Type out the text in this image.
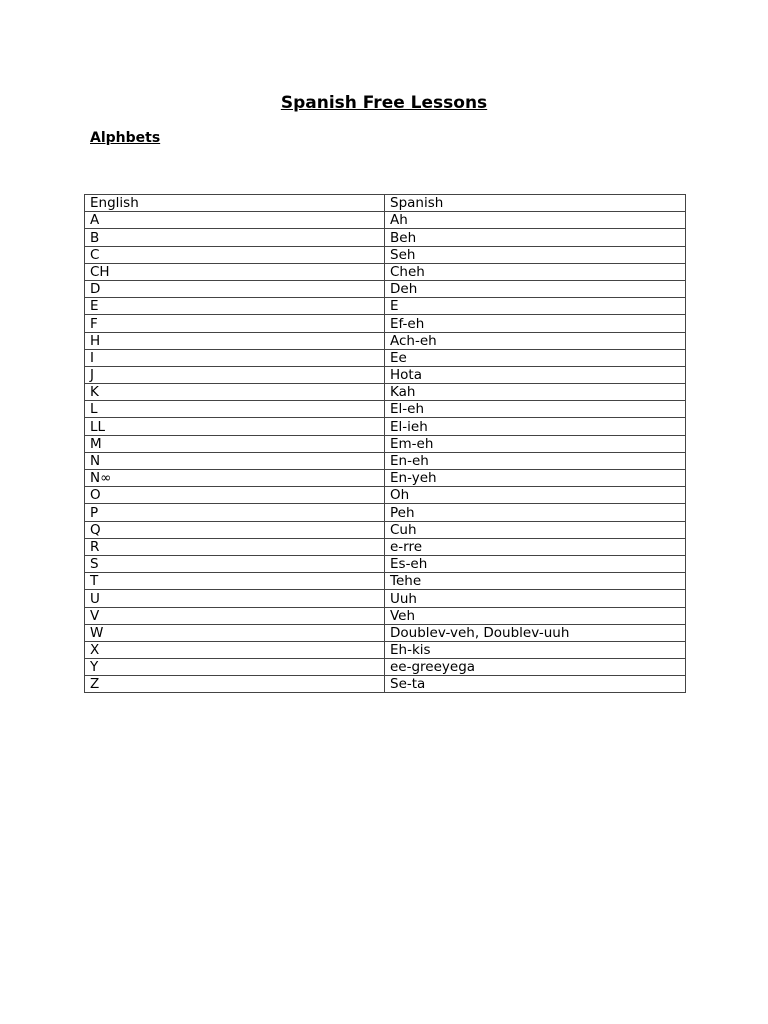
Spanish Free Lessons
Alphbets
English	Spanish
A	Ah
B	Beh
C	Seh
CH	Cheh
D	Deh
E	E
F	Ef-eh
H	Ach-eh
I	Ee
J	Hota
K	Kah
L	El-eh
LL	El-ieh
M	Em-eh
N	En-eh
N∞	En-yeh
O	Oh
P	Peh
Q	Cuh
R	e-rre
S	Es-eh
T	Tehe
U	Uuh
V	Veh
W	Doublev-veh, Doublev-uuh
X	Eh-kis
Y	ee-greeyega
Z	Se-ta
